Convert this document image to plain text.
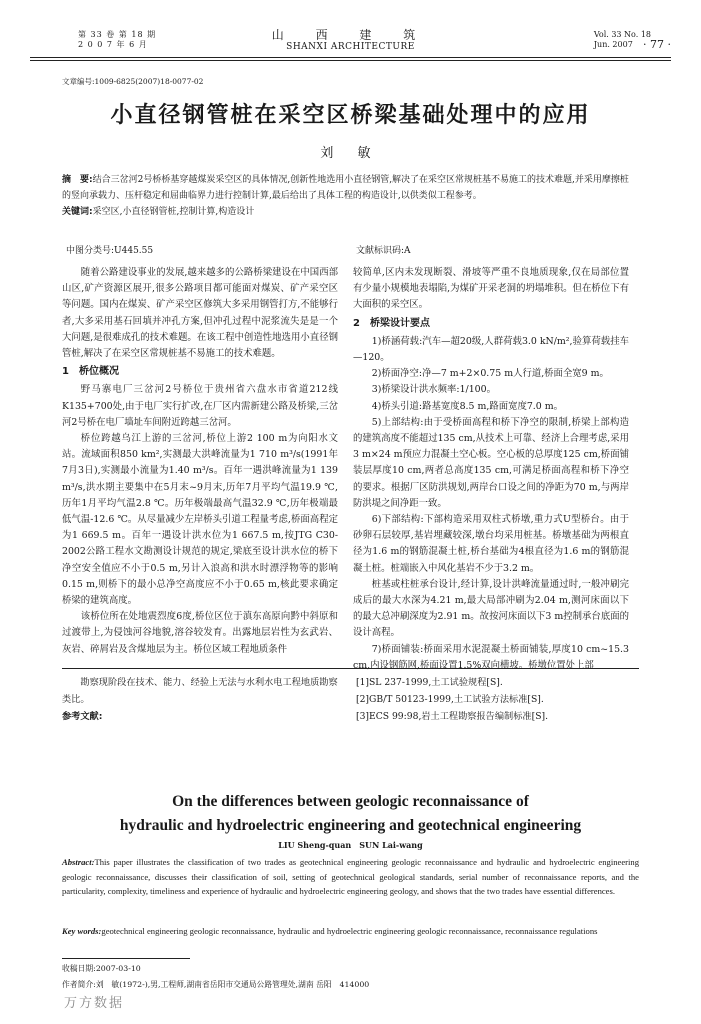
第 33 卷 第 18 期
2 0 0 7 年 6 月
山 西 建 筑
SHANXI ARCHITECTURE
Vol. 33 No. 18
Jun. 2007 · 77 ·
文章编号:1009-6825(2007)18-0077-02
小直径钢管桩在采空区桥梁基础处理中的应用
刘 敏
摘　要:结合三岔河2号桥桥基穿越煤炭采空区的具体情况,创新性地选用小直径钢管,解决了在采空区常规桩基不易施工的技术难题,并采用摩擦桩的竖向承载力、压杆稳定和屈曲临界力进行控制计算,最后给出了具体工程的构造设计,以供类似工程参考。
关键词:采空区,小直径钢管桩,控制计算,构造设计
中图分类号:U445.55	文献标识码:A

随着公路建设事业的发展,越来越多的公路桥梁建设在中国西部山区,矿产资源区展开,很多公路项目都可能面对煤炭、矿产采空区等问题。国内在煤炭、矿产采空区修筑大多采用钢管打方,不能够行者,大多采用基石回填并冲孔方案,但冲孔过程中泥浆流失是是一个大问题,是很难成孔的技术难题。在该工程中创造性地选用小直径钢管桩,解决了在采空区常规桩基不易施工的技术难题。

1　桥位概况

野马寨电厂三岔河2号桥位于贵州省六盘水市省道212线K135+700处,由于电厂实行扩改,在厂区内需新建公路及桥梁,三岔河2号桥在电厂墙址车间附近跨越三岔河。

桥位跨越乌江上游的三岔河,桥位上游2 100 m为向阳水文站。流域面积850 km²,实测最大洪峰流量为1 710 m³/s(1991年7月3日),实测最小流量为1.40 m³/s。百年一遇洪峰流量为1 139 m³/s,洪水期主要集中在5月末~9月末,历年7月平均气温19.9 ℃,历年1月平均气温2.8 ℃。历年极端最高气温32.9 ℃,历年极端最低气温-12.6 ℃。从尽量减少左岸桥头引道工程量考虑,桥面高程定为1 669.5 m。百年一遇设计洪水位为1 667.5 m,按JTG C30-2002公路工程水文勘测设计规范的规定,梁底至设计洪水位的桥下净空安全值应不小于0.5 m,另计入浪高和洪水时漂浮物等的影响0.15 m,则桥下的最小总净空高度应不小于0.65 m,核此要求确定桥梁的建筑高度。

该桥位所在处地震烈度6度,桥位区位于滇东高原向黔中斜原和过渡带上,为侵蚀河谷地貌,溶谷较发育。出露地层岩性为玄武岩、灰岩、碎屑岩及含煤地层为主。桥位区域工程地质条件

较简单,区内未发现断裂、滑坡等严重不良地质现象,仅在局部位置有少量小规模地表塌陷,为煤矿开采老洞的坍塌堆积。但在桥位下有大面积的采空区。

2　桥梁设计要点

1)桥涵荷载:汽车—超20级,人群荷载3.0 kN/m²,验算荷载挂车—120。

2)桥面净空:净—7 m+2×0.75 m人行道,桥面全宽9 m。

3)桥梁设计洪水频率:1/100。

4)桥头引道:路基宽度8.5 m,路面宽度7.0 m。

5)上部结构:由于受桥面高程和桥下净空的限制,桥梁上部构造的建筑高度不能超过135 cm,从技术上可靠、经济上合理考虑,采用3 m×24 m预应力混凝土空心板。空心板的总厚度125 cm,桥面铺装层厚度10 cm,两者总高度135 cm,可满足桥面高程和桥下净空的要求。根据厂区防洪规划,两岸台口设之间的净距为70 m,与两岸防洪堤之间净距一致。

6)下部结构:下部构造采用双柱式桥墩,重力式U型桥台。由于砂卵石层较厚,基岩埋藏较深,墩台均采用桩基。桥墩基础为两根直径为1.6 m的钢筋混凝土桩,桥台基础为4根直径为1.6 m的钢筋混凝土桩。桩端嵌入中风化基岩不少于3.2 m。

桩基或柱桩承台设计,经计算,设计洪峰流量通过时,一般冲刷完成后的最大水深为4.21 m,最大局部冲刷为2.04 m,测河床面以下的最大总冲刷深度为2.91 m。故按河床面以下3 m控制承台底面的设计高程。

7)桥面铺装:桥面采用水泥混凝土桥面铺装,厚度10 cm~15.3 cm,内设钢筋网,桥面设置1.5%双向横坡。桥墩位置处上部

勘察现阶段在技术、能力、经验上无法与水利水电工程地质勘察类比。
参考文献:
[1]SL 237-1999,土工试验规程[S].
[2]GB/T 50123-1999,土工试验方法标准[S].
[3]ECS 99:98,岩土工程勘察报告编制标准[S].
On the differences between geologic reconnaissance of
hydraulic and hydroelectric engineering and geotechnical engineering
LIU Sheng-quan　SUN Lai-wang
Abstract:This paper illustrates the classification of two trades as geotechnical engineering geologic reconnaissance and hydraulic and hydroelectric engineering geologic reconnaissance, discusses their classification of soil, setting of geotechnical geological standards, serial number of reconnaissance reports, and the particularity, complexity, timeliness and experience of hydraulic and hydroelectric engineering geology, and shows that the two trades have essential differences.
Key words:geotechnical engineering geologic reconnaissance, hydraulic and hydroelectric engineering geologic reconnaissance, reconnaissance regulations
收稿日期:2007-03-10
作者简介:刘　敏(1972-),男,工程师,湖南省岳阳市交通局公路管理处,湖南 岳阳　414000
万方数据
